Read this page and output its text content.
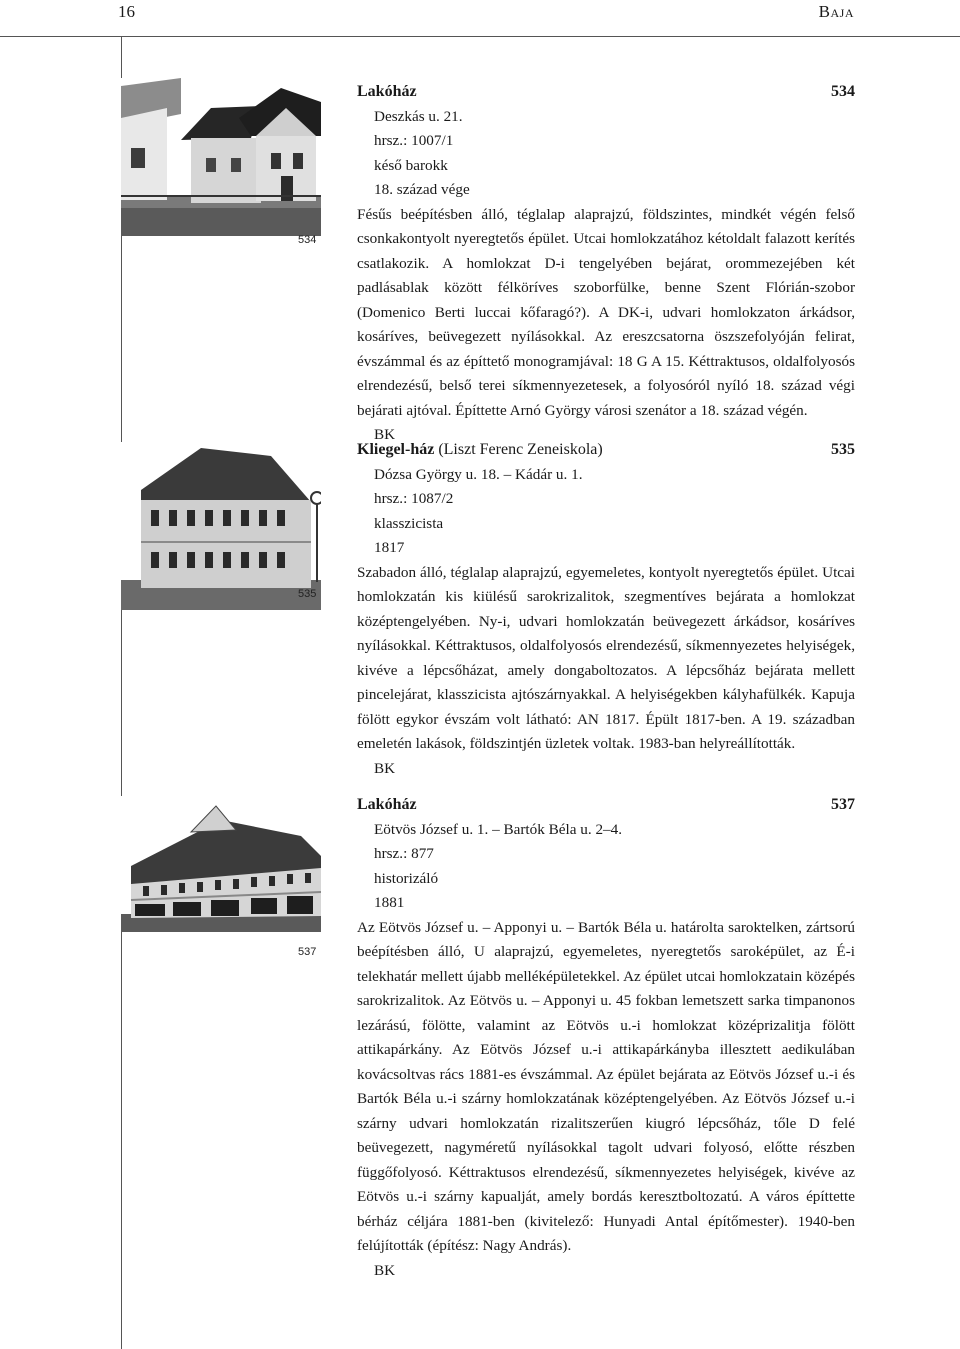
16	Baja
534
Lakóház	534
Deszkás u. 21.
hrsz.: 1007/1
késő barokk
18. század vége
Fésűs beépítésben álló, téglalap alaprajzú, földszintes, mindkét végén felső csonkakontyolt nyeregtetős épület. Utcai homlokzatához kétoldalt falazott kerítés csatlakozik. A homlokzat D-i tengelyében bejárat, orommezejében két padlásablak között félköríves szoborfülke, benne Szent Flórián-szobor (Domenico Berti luccai kőfaragó?). A DK-i, udvari homlokzaton árkádsor, kosáríves, beüvegezett nyílásokkal. Az ereszcsatorna öszszefolyóján felirat, évszámmal és az építtető monogramjával: 18 G A 15. Kéttraktusos, oldalfolyosós elrendezésű, belső terei síkmennyezetesek, a folyosóról nyíló 18. század végi bejárati ajtóval. Építtette Arnó György városi szenátor a 18. század végén.
BK
535
Kliegel-ház (Liszt Ferenc Zeneiskola)	535
Dózsa György u. 18. – Kádár u. 1.
hrsz.: 1087/2
klasszicista
1817
Szabadon álló, téglalap alaprajzú, egyemeletes, kontyolt nyeregtetős épület. Utcai homlokzatán kis kiülésű sarokrizalitok, szegmentíves bejárata a homlokzat középtengelyében. Ny-i, udvari homlokzatán beüvegezett árkádsor, kosáríves nyílásokkal. Kéttraktusos, oldalfolyosós elrendezésű, síkmennyezetes helyiségek, kivéve a lépcsőházat, amely dongaboltozatos. A lépcsőház bejárata mellett pincelejárat, klasszicista ajtószárnyakkal. A helyiségekben kályhafülkék. Kapuja fölött egykor évszám volt látható: AN 1817. Épült 1817-ben. A 19. században emeletén lakások, földszintjén üzletek voltak. 1983-ban helyreállították.
BK
537
Lakóház	537
Eötvös József u. 1. – Bartók Béla u. 2–4.
hrsz.: 877
historizáló
1881
Az Eötvös József u. – Apponyi u. – Bartók Béla u. határolta saroktelken, zártsorú beépítésben álló, U alaprajzú, egyemeletes, nyeregtetős saroképület, az É-i telekhatár mellett újabb melléképületekkel. Az épület utcai homlokzatain középés sarokrizalitok. Az Eötvös u. – Apponyi u. 45 fokban lemetszett sarka timpanonos lezárású, fölötte, valamint az Eötvös u.-i homlokzat középrizalitja fölött attikapárkány. Az Eötvös József u.-i attikapárkányba illesztett aedikulában kovácsoltvas rács 1881-es évszámmal. Az épület bejárata az Eötvös József u.-i és Bartók Béla u.-i szárny homlokzatának középtengelyében. Az Eötvös József u.-i szárny udvari homlokzatán rizalitszerűen kiugró lépcsőház, tőle D felé beüvegezett, nagyméretű nyílásokkal tagolt udvari folyosó, előtte részben függőfolyosó. Kéttraktusos elrendezésű, síkmennyezetes helyiségek, kivéve az Eötvös u.-i szárny kapualját, amely bordás keresztboltozatú. A város építtette bérház céljára 1881-ben (kivitelező: Hunyadi Antal építőmester). 1940-ben felújították (építész: Nagy András).
BK
